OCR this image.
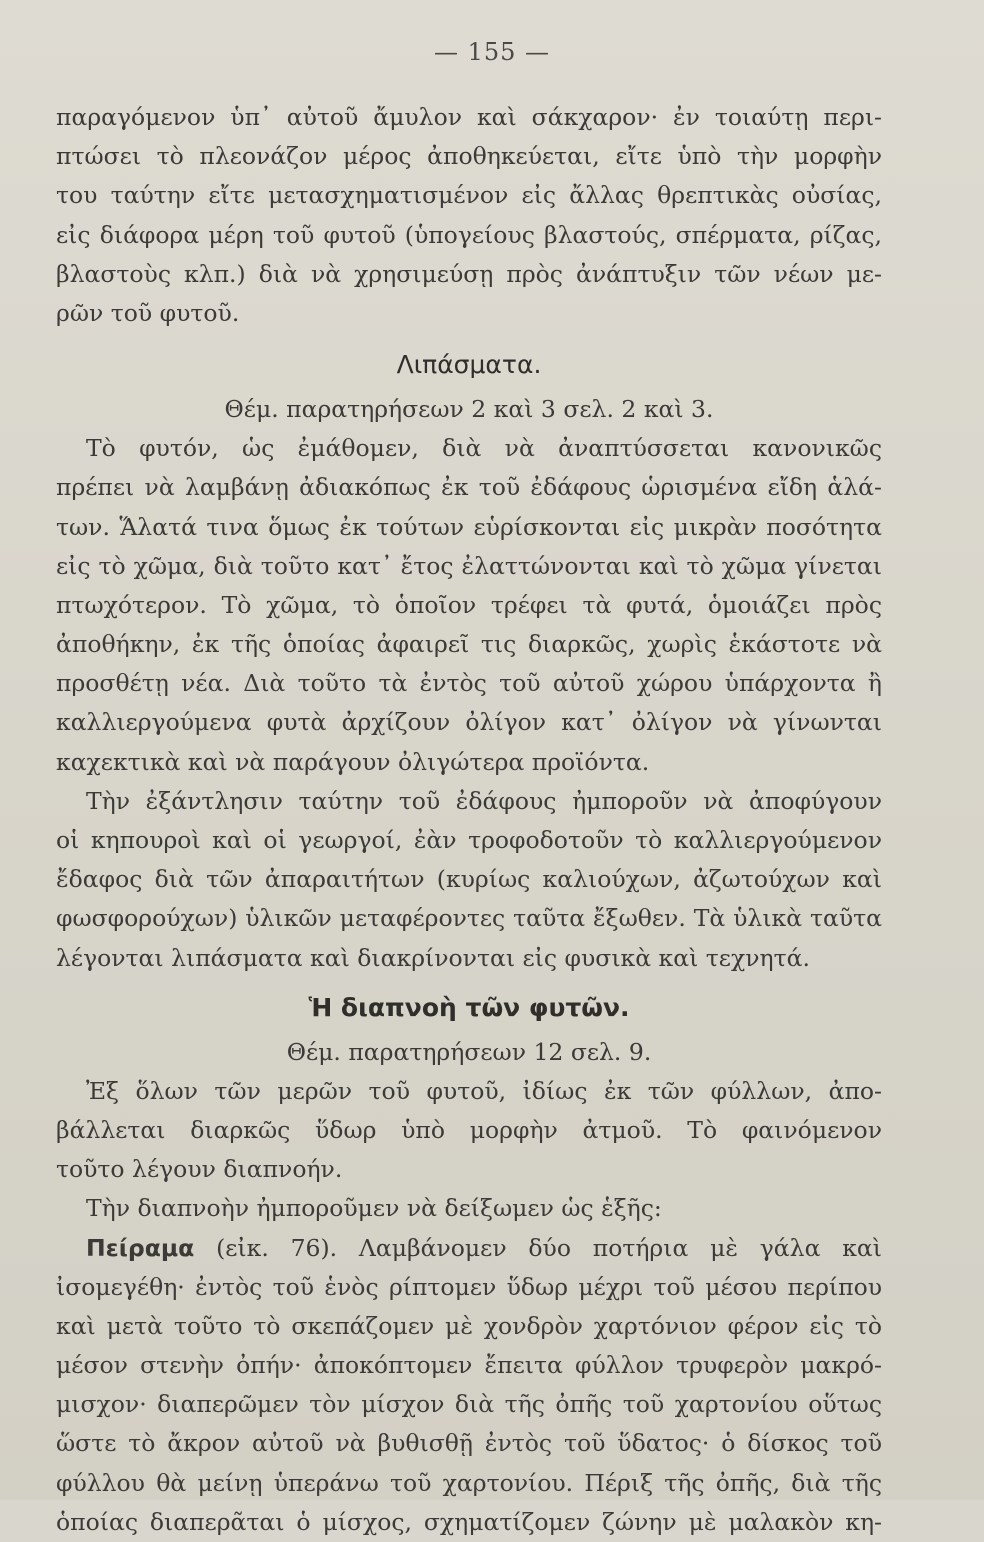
— 155 —
παραγόμενον ὑπ᾿ αὐτοῦ ἄμυλον καὶ σάκχαρον· ἐν τοιαύτῃ περι-
πτώσει τὸ πλεονάζον μέρος ἀποθηκεύεται, εἴτε ὑπὸ τὴν μορφὴν
του ταύτην εἴτε μετασχηματισμένον εἰς ἄλλας θρεπτικὰς οὐσίας,
εἰς διάφορα μέρη τοῦ φυτοῦ (ὑπογείους βλαστούς, σπέρματα, ρίζας,
βλαστοὺς κλπ.) διὰ νὰ χρησιμεύσῃ πρὸς ἀνάπτυξιν τῶν νέων με-
ρῶν τοῦ φυτοῦ.
Λιπάσματα.
Θέμ. παρατηρήσεων 2 καὶ 3 σελ. 2 καὶ 3.
Τὸ φυτόν, ὡς ἐμάθομεν, διὰ νὰ ἀναπτύσσεται κανονικῶς
πρέπει νὰ λαμβάνῃ ἀδιακόπως ἐκ τοῦ ἐδάφους ὡρισμένα εἴδη ἁλά-
των. Ἅλατά τινα ὅμως ἐκ τούτων εὑρίσκονται εἰς μικρὰν ποσότητα
εἰς τὸ χῶμα, διὰ τοῦτο κατ᾿ ἔτος ἐλαττώνονται καὶ τὸ χῶμα γίνεται
πτωχότερον. Τὸ χῶμα, τὸ ὁποῖον τρέφει τὰ φυτά, ὁμοιάζει πρὸς
ἀποθήκην, ἐκ τῆς ὁποίας ἀφαιρεῖ τις διαρκῶς, χωρὶς ἑκάστοτε νὰ
προσθέτῃ νέα. Διὰ τοῦτο τὰ ἐντὸς τοῦ αὐτοῦ χώρου ὑπάρχοντα ἢ
καλλιεργούμενα φυτὰ ἀρχίζουν ὀλίγον κατ᾿ ὀλίγον νὰ γίνωνται
καχεκτικὰ καὶ νὰ παράγουν ὀλιγώτερα προϊόντα.
Τὴν ἐξάντλησιν ταύτην τοῦ ἐδάφους ἠμποροῦν νὰ ἀποφύγουν
οἱ κηπουροὶ καὶ οἱ γεωργοί, ἐὰν τροφοδοτοῦν τὸ καλλιεργούμενον
ἔδαφος διὰ τῶν ἀπαραιτήτων (κυρίως καλιούχων, ἀζωτούχων καὶ
φωσφορούχων) ὑλικῶν μεταφέροντες ταῦτα ἔξωθεν. Τὰ ὑλικὰ ταῦτα
λέγονται λιπάσματα καὶ διακρίνονται εἰς φυσικὰ καὶ τεχνητά.
Ἡ διαπνοὴ τῶν φυτῶν.
Θέμ. παρατηρήσεων 12 σελ. 9.
Ἐξ ὅλων τῶν μερῶν τοῦ φυτοῦ, ἰδίως ἐκ τῶν φύλλων, ἀπο-
βάλλεται διαρκῶς ὕδωρ ὑπὸ μορφὴν ἀτμοῦ. Τὸ φαινόμενον
τοῦτο λέγουν διαπνοήν.
Τὴν διαπνοὴν ἠμποροῦμεν νὰ δείξωμεν ὡς ἑξῆς:
Πείραμα (εἰκ. 76). Λαμβάνομεν δύο ποτήρια μὲ γάλα καὶ
ἰσομεγέθη· ἐντὸς τοῦ ἑνὸς ρίπτομεν ὕδωρ μέχρι τοῦ μέσου περίπου
καὶ μετὰ τοῦτο τὸ σκεπάζομεν μὲ χονδρὸν χαρτόνιον φέρον εἰς τὸ
μέσον στενὴν ὀπήν· ἀποκόπτομεν ἔπειτα φύλλον τρυφερὸν μακρό-
μισχον· διαπερῶμεν τὸν μίσχον διὰ τῆς ὀπῆς τοῦ χαρτονίου οὕτως
ὥστε τὸ ἄκρον αὐτοῦ νὰ βυθισθῇ ἐντὸς τοῦ ὕδατος· ὁ δίσκος τοῦ
φύλλου θὰ μείνῃ ὑπεράνω τοῦ χαρτονίου. Πέριξ τῆς ὀπῆς, διὰ τῆς
ὁποίας διαπερᾶται ὁ μίσχος, σχηματίζομεν ζώνην μὲ μαλακὸν κη-
